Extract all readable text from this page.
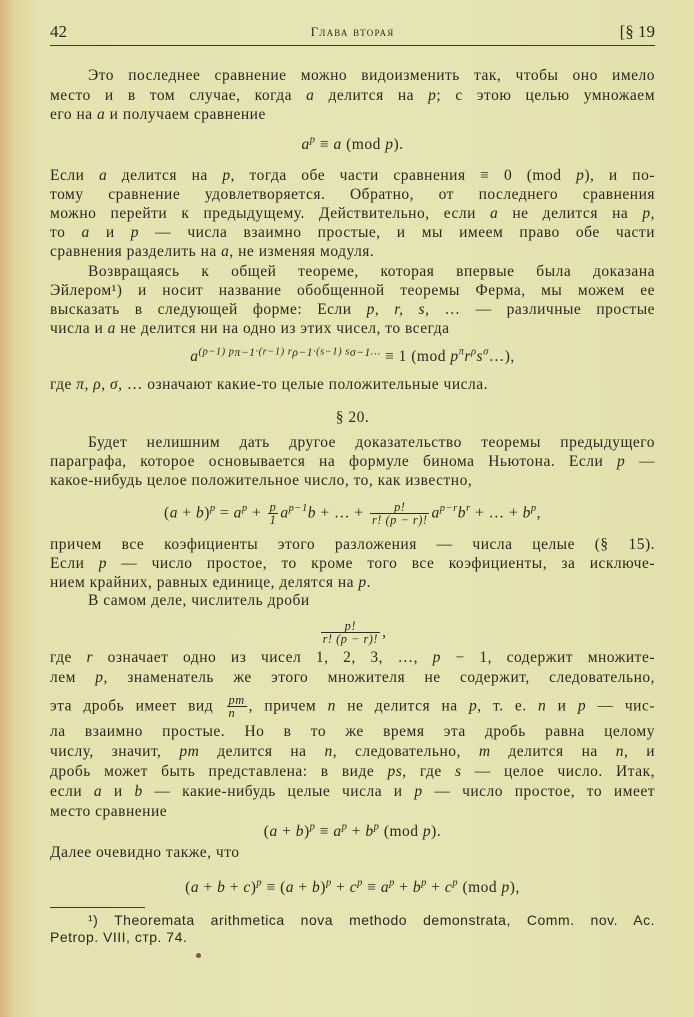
42	Глава вторая	[§ 19
Это последнее сравнение можно видоизменить так, чтобы оно имело
место и в том случае, когда a делится на p; с этою целью умножаем
его на a и получаем сравнение
$a^p \equiv a$ (mod p).
Если a делится на p, тогда обе части сравнения ≡ 0 (mod p), и по-
тому сравнение удовлетворяется. Обратно, от последнего сравнения
можно перейти к предыдущему. Действительно, если a не делится на p,
то a и p — числа взаимно простые, и мы имеем право обе части
сравнения разделить на a, не изменяя модуля.
Возвращаясь к общей теореме, которая впервые была доказана
Эйлером¹) и носит название обобщенной теоремы Ферма, мы можем ее
высказать в следующей форме: Если p, r, s, … — различные простые
числа и a не делится ни на одно из этих чисел, то всегда
$a^{(p-1) p\pi-1\cdot(r-1) r\rho-1\cdot(s-1) s\sigma-1\dots} \equiv 1$ (mod $p^\pi r^\rho s^\sigma\dots$),
где π, ρ, σ, … означают какие-то целые положительные числа.
§ 20.
Будет нелишним дать другое доказательство теоремы предыдущего
параграфа, которое основывается на формуле бинома Ньютона. Если p —
какое-нибудь целое положительное число, то, как известно,
$(a + b)^p = a^p + \frac{p}{1} a^{p-1}b$ + … + $\frac{p!}{r! (p - r)!} a^{p-r}b^r$ + … + $b^p$,
причем все коэфициенты этого разложения — числа целые (§ 15).
Если p — число простое, то кроме того все коэфициенты, за исключе-
нием крайних, равных единице, делятся на p.
В самом деле, числитель дроби
$\frac{p!}{r! (p - r)!}$ ,
где r означает одно из чисел 1, 2, 3, …, p − 1, содержит множите-
лем p, знаменатель же этого множителя не содержит, следовательно,
эта дробь имеет вид $\frac{pm}{n}$ , причем n не делится на p, т. е. n и p — чис-
ла взаимно простые. Но в то же время эта дробь равна целому
числу, значит, pm делится на n, следовательно, m делится на n, и
дробь может быть представлена: в виде ps, где s — целое число. Итак,
если a и b — какие-нибудь целые числа и p — число простое, то имеет
место сравнение
$(a + b)^p \equiv a^p + b^p$ (mod p).
Далее очевидно также, что
$(a + b + c)^p \equiv (a + b)^p + c^p \equiv a^p + b^p + c^p$ (mod p),
¹) Theoremata arithmetica nova methodo demonstrata, Comm. nov. Ac.
Petrop. VIII, стр. 74.
